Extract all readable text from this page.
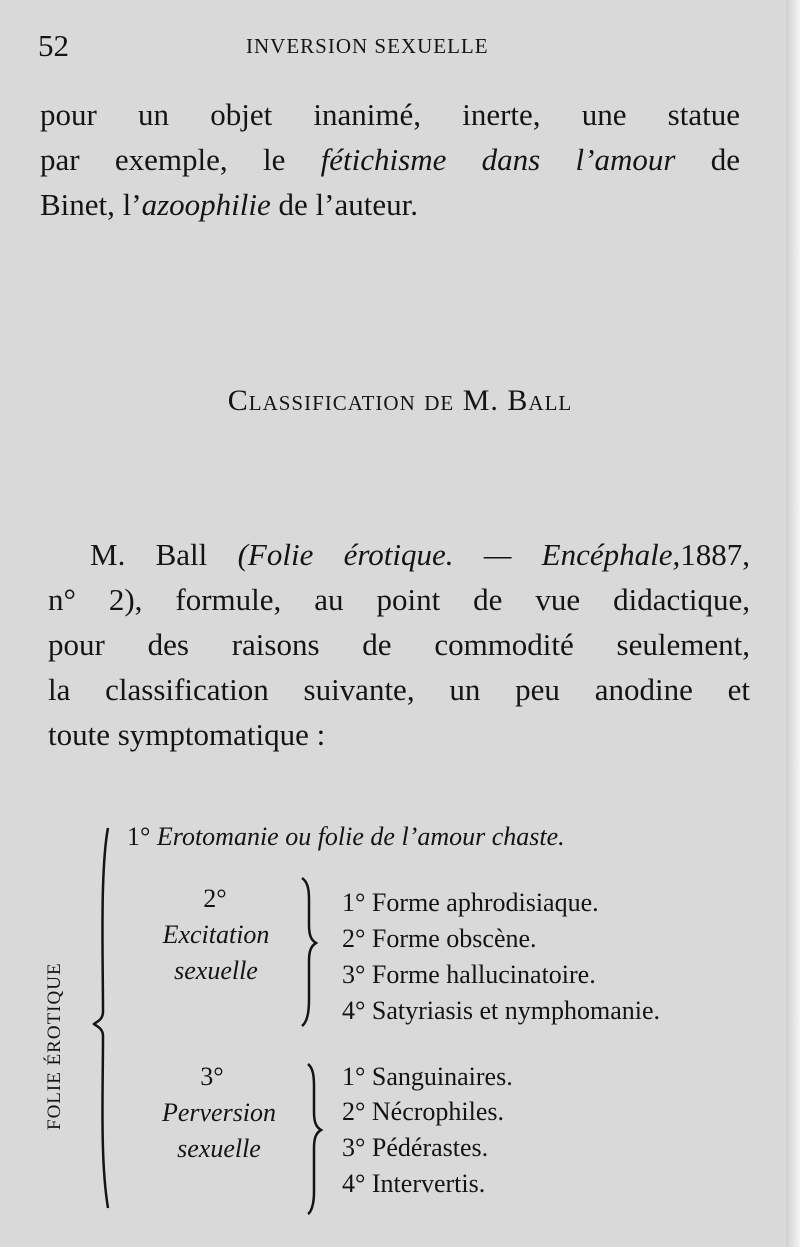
52	INVERSION SEXUELLE
pour un objet inanimé, inerte, une statue
par exemple, le fétichisme dans l’amour de
Binet, l’azoophilie de l’auteur.
Classification de M. Ball
M. Ball (Folie érotique. — Encéphale,1887,
n° 2), formule, au point de vue didactique,
pour des raisons de commodité seulement,
la classification suivante, un peu anodine et
toute symptomatique :
FOLIE ÉROTIQUE
1° Erotomanie ou folie de l’amour chaste.
2°
Excitation
sexuelle
1° Forme aphrodisiaque.
2° Forme obscène.
3° Forme hallucinatoire.
4° Satyriasis et nymphomanie.
3°
Perversion
sexuelle
1° Sanguinaires.
2° Nécrophiles.
3° Pédérastes.
4° Intervertis.
